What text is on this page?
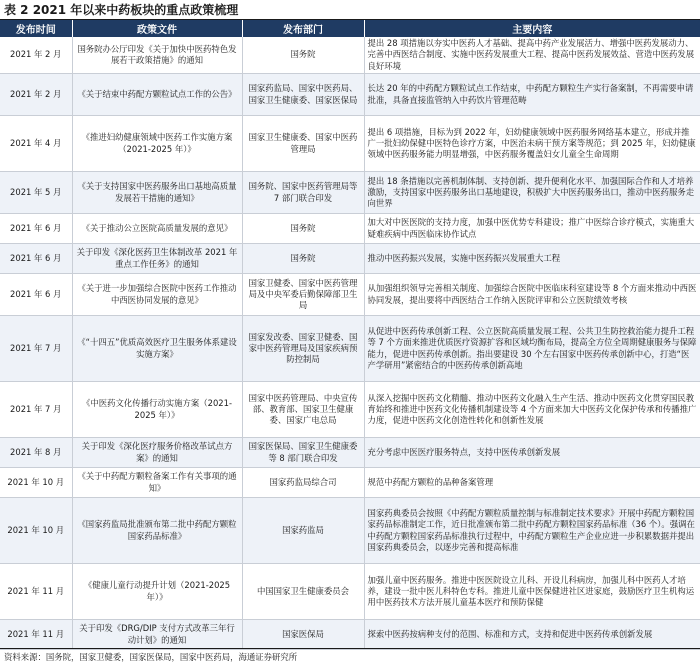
表 2 2021 年以来中药板块的重点政策梳理
发布时间	政策文件	发布部门	主要内容
2021 年 2 月	国务院办公厅印发《关于加快中医药特色发展若干政策措施》的通知	国务院	提出 28 项措施以夯实中医药人才基础、提高中药产业发展活力、增强中医药发展动力、完善中西医结合制度、实施中医药发展重大工程、提高中医药发展效益、营造中医药发展良好环境
2021 年 2 月	《关于结束中药配方颗粒试点工作的公告》	国家药监局、国家中医药局、国家卫生健康委、国家医保局	长达 20 年的中药配方颗粒试点工作结束，中药配方颗粒生产实行备案制，不再需要申请批准，具备直接监管纳入中药饮片管理范畴
2021 年 4 月	《推进妇幼健康领域中医药工作实施方案（2021-2025 年）》	国家卫生健康委、国家中医药管理局	提出 6 项措施，目标为到 2022 年，妇幼健康领域中医药服务网络基本建立，形成并推广一批妇幼保健中医特色诊疗方案，中医治未病干预方案等规范；到 2025 年，妇幼健康领域中医药服务能力明显增强，中医药服务覆盖妇女儿童全生命周期
2021 年 5 月	《关于支持国家中医药服务出口基地高质量发展若干措施的通知》	国务院、国家中医药管理局等 7 部门联合印发	提出 18 条措施以完善机制体制、支持创新、提升便利化水平、加强国际合作和人才培养激励，支持国家中医药服务出口基地建设，积极扩大中医药服务出口，推动中医药服务走向世界
2021 年 6 月	《关于推动公立医院高质量发展的意见》	国务院	加大对中医医院的支持力度，加强中医优势专科建设；推广中医综合诊疗模式，实施重大疑难疾病中西医临床协作试点
2021 年 6 月	关于印发《深化医药卫生体制改革 2021 年重点工作任务》的通知	国务院	推动中医药振兴发展，实施中医药振兴发展重大工程
2021 年 6 月	《关于进一步加强综合医院中医药工作推动中西医协同发展的意见》	国家卫健委、国家中医药管理局及中央军委后勤保障部卫生局	从加强组织领导完善相关制度、加强综合医院中医临床科室建设等 8 个方面来推动中西医协同发展，提出要将中西医结合工作纳入医院评审和公立医院绩效考核
2021 年 7 月	《“十四五”优质高效医疗卫生服务体系建设实施方案》	国家发改委、国家卫健委、国家中医药管理局及国家疾病预防控制局	从促进中医药传承创新工程、公立医院高质量发展工程、公共卫生防控救治能力提升工程等 7 个方面来推进优质医疗资源扩容和区域均衡布局，提高全方位全周期健康服务与保障能力，促进中医药传承创新。指出要建设 30 个左右国家中医药传承创新中心，打造“医产学研用”紧密结合的中医药传承创新高地
2021 年 7 月	《中医药文化传播行动实施方案（2021-2025 年）》	国家中医药管理局、中央宣传部、教育部、国家卫生健康委、国家广电总局	从深入挖掘中医药文化精髓、推动中医药文化融入生产生活、推动中医药文化贯穿国民教育始终和推进中医药文化传播机制建设等 4 个方面来加大中医药文化保护传承和传播推广力度，促进中医药文化创造性转化和创新性发展
2021 年 8 月	关于印发《深化医疗服务价格改革试点方案》的通知	国家医保局、国家卫生健康委等 8 部门联合印发	充分考虑中医医疗服务特点，支持中医传承创新发展
2021 年 10 月	《关于中药配方颗粒备案工作有关事项的通知》	国家药监局综合司	规范中药配方颗粒的品种备案管理
2021 年 10 月	《国家药监局批准颁布第二批中药配方颗粒国家药品标准》	国家药监局	国家药典委员会按照《中药配方颗粒质量控制与标准制定技术要求》开展中药配方颗粒国家药品标准制定工作，近日批准颁布第二批中药配方颗粒国家药品标准（36 个）。强调在中药配方颗粒国家药品标准执行过程中，中药配方颗粒生产企业应进一步积累数据并提出国家药典委员会，以逐步完善和提高标准
2021 年 11 月	《健康儿童行动提升计划（2021-2025 年）》	中国国家卫生健康委员会	加强儿童中医药服务。推进中医医院设立儿科、开设儿科病房，加强儿科中医药人才培养，建设一批中医儿科特色专科。推进儿童中医保健进社区进家庭，鼓励医疗卫生机构运用中医药技术方法开展儿童基本医疗和预防保健
2021 年 11 月	关于印发《DRG/DIP 支付方式改革三年行动计划》的通知	国家医保局	探索中医药按病种支付的范围、标准和方式，支持和促进中医药传承创新发展
资料来源：国务院，国家卫健委，国家医保局，国家中医药局，海通证券研究所
